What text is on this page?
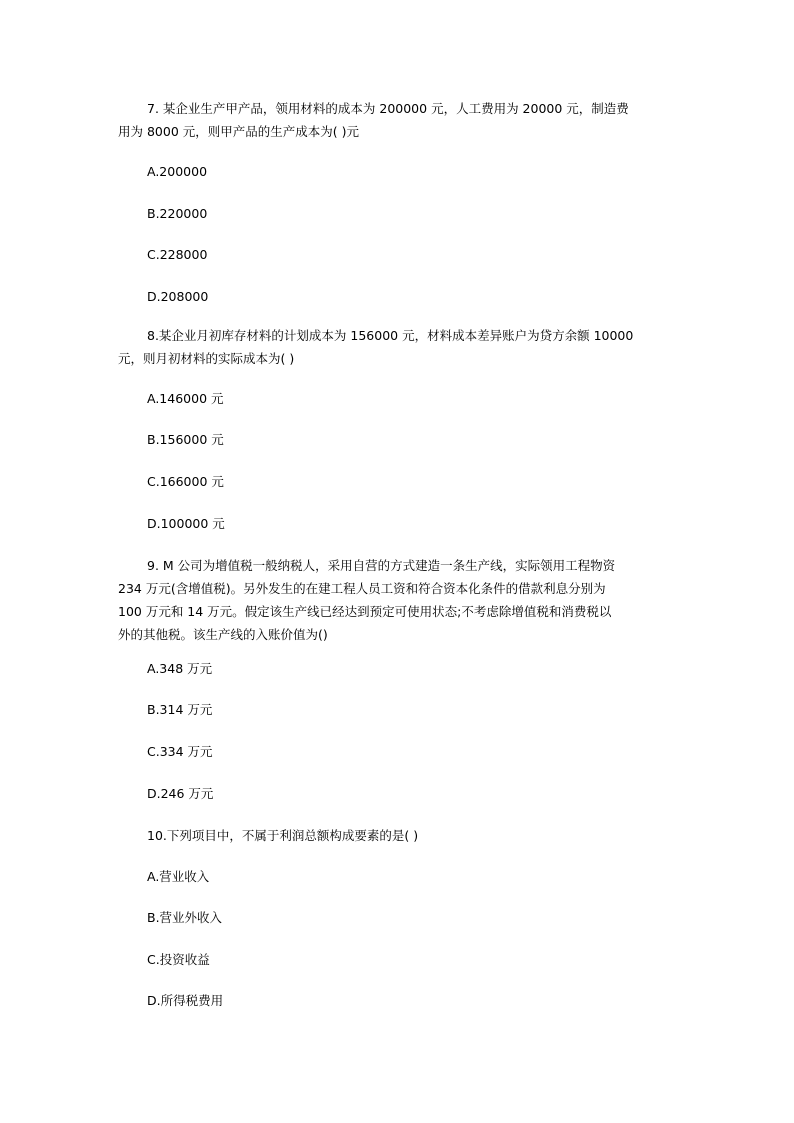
7. 某企业生产甲产品，领用材料的成本为 200000 元，人工费用为 20000 元，制造费
用为 8000 元，则甲产品的生产成本为( )元
A.200000
B.220000
C.228000
D.208000
8.某企业月初库存材料的计划成本为 156000 元，材料成本差异账户为贷方余额 10000
元，则月初材料的实际成本为( )
A.146000 元
B.156000 元
C.166000 元
D.100000 元
9. M 公司为增值税一般纳税人，采用自营的方式建造一条生产线，实际领用工程物资
234 万元(含增值税)。另外发生的在建工程人员工资和符合资本化条件的借款利息分别为
100 万元和 14 万元。假定该生产线已经达到预定可使用状态;不考虑除增值税和消费税以
外的其他税。该生产线的入账价值为()
A.348 万元
B.314 万元
C.334 万元
D.246 万元
10.下列项目中，不属于利润总额构成要素的是( )
A.营业收入
B.营业外收入
C.投资收益
D.所得税费用
